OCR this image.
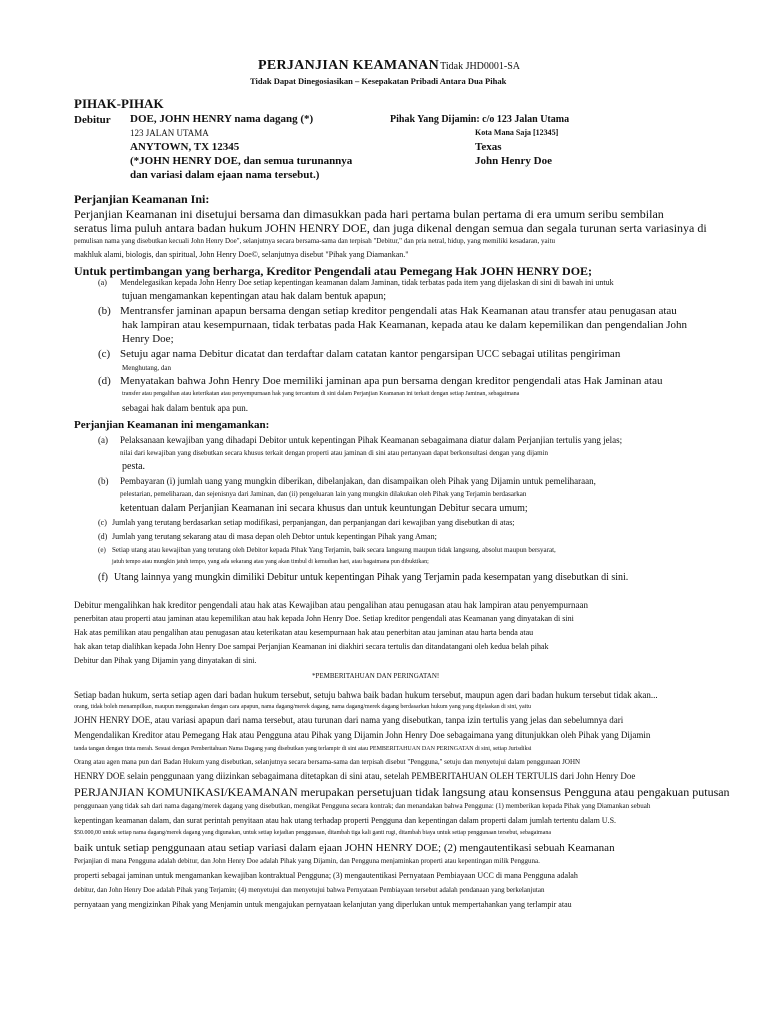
PERJANJIAN KEAMANANTidak JHD0001-SA
Tidak Dapat Dinegosiasikan – Kesepakatan Pribadi Antara Dua Pihak
PIHAK-PIHAK
Debitur DOE, JOHN HENRY nama dagang (*)
123 JALAN UTAMA
ANYTOWN, TX 12345
(*JOHN HENRY DOE, dan semua turunannya
dan variasi dalam ejaan nama tersebut.)
Pihak Yang Dijamin: c/o 123 Jalan Utama
Kota Mana Saja [12345]
Texas
John Henry Doe
Perjanjian Keamanan Ini:
Perjanjian Keamanan ini disetujui bersama dan dimasukkan pada hari pertama bulan pertama di era umum seribu sembilan
seratus lima puluh antara badan hukum JOHN HENRY DOE, dan juga dikenal dengan semua dan segala turunan serta variasinya di
pemulisan nama yang disebutkan kecuali John Henry Doe", selanjutnya secara bersama-sama dan terpisah "Debitur," dan pria netral, hidup, yang memiliki kesadaran, yaitu
makhluk alami, biologis, dan spiritual, John Henry Doe©, selanjutnya disebut "Pihak yang Diamankan."
Untuk pertimbangan yang berharga, Kreditor Pengendali atau Pemegang Hak JOHN HENRY DOE;
(a) Mendelegasikan kepada John Henry Doe setiap kepentingan keamanan dalam Jaminan, tidak terbatas pada item yang dijelaskan di sini di bawah ini untuk
tujuan mengamankan kepentingan atau hak dalam bentuk apapun;
(b) Mentransfer jaminan apapun bersama dengan setiap kreditor pengendali atas Hak Keamanan atau transfer atau penugasan atau
hak lampiran atau kesempurnaan, tidak terbatas pada Hak Keamanan, kepada atau ke dalam kepemilikan dan pengendalian John
Henry Doe;
(c) Setuju agar nama Debitur dicatat dan terdaftar dalam catatan kantor pengarsipan UCC sebagai utilitas pengiriman
Menghutang, dan
(d) Menyatakan bahwa John Henry Doe memiliki jaminan apa pun bersama dengan kreditor pengendali atas Hak Jaminan atau
transfer atau pengalihan atau keterikatan atau penyempurnaan hak yang tercantum di sini dalam Perjanjian Keamanan ini terkait dengan setiap Jaminan, sebagaimana
sebagai hak dalam bentuk apa pun.
Perjanjian Keamanan ini mengamankan:
(a) Pelaksanaan kewajiban yang dihadapi Debitor untuk kepentingan Pihak Keamanan sebagaimana diatur dalam Perjanjian tertulis yang jelas;
nilai dari kewajiban yang disebutkan secara khusus terkait dengan properti atau jaminan di sini atau pertanyaan dapat berkonsultasi dengan yang dijamin
pesta.
(b) Pembayaran (i) jumlah uang yang mungkin diberikan, dibelanjakan, dan disampaikan oleh Pihak yang Dijamin untuk pemeliharaan,
pelestarian, pemeliharaan, dan sejenisnya dari Jaminan, dan (ii) pengeluaran lain yang mungkin dilakukan oleh Pihak yang Terjamin berdasarkan
ketentuan dalam Perjanjian Keamanan ini secara khusus dan untuk keuntungan Debitur secara umum;
(c) Jumlah yang terutang berdasarkan setiap modifikasi, perpanjangan, dan perpanjangan dari kewajiban yang disebutkan di atas;
(d) Jumlah yang terutang sekarang atau di masa depan oleh Debtor untuk kepentingan Pihak yang Aman;
(e) Setiap utang atau kewajiban yang terutang oleh Debitor kepada Pihak Yang Terjamin, baik secara langsung maupun tidak langsung, absolut maupun bersyarat,
jatuh tempo atau mungkin jatuh tempo, yang ada sekarang atau yang akan timbul di kemudian hari, atau bagaimana pun dibuktikan;
(f) Utang lainnya yang mungkin dimiliki Debitur untuk kepentingan Pihak yang Terjamin pada kesempatan yang disebutkan di sini.
Debitur mengalihkan hak kreditor pengendali atau hak atas Kewajiban atau pengalihan atau penugasan atau hak lampiran atau penyempurnaan
penerbitan atau properti atau jaminan atau kepemilikan atau hak kepada John Henry Doe. Setiap kreditor pengendali atas Keamanan yang dinyatakan di sini
Hak atas pemilikan atau pengalihan atau penugasan atau keterikatan atau kesempurnaan hak atau penerbitan atau jaminan atau harta benda atau
hak akan tetap dialihkan kepada John Henry Doe sampai Perjanjian Keamanan ini diakhiri secara tertulis dan ditandatangani oleh kedua belah pihak
Debitur dan Pihak yang Dijamin yang dinyatakan di sini.
*PEMBERITAHUAN DAN PERINGATAN!
Setiap badan hukum, serta setiap agen dari badan hukum tersebut, setuju bahwa baik badan hukum tersebut, maupun agen dari badan hukum tersebut tidak akan...
orang, tidak boleh menampilkan, maupun menggunakan dengan cara apapun, nama dagang/merek dagang, nama dagang/merek dagang berdasarkan hukum yang yang dijelaskan di sini, yaitu
JOHN HENRY DOE, atau variasi apapun dari nama tersebut, atau turunan dari nama yang disebutkan, tanpa izin tertulis yang jelas dan sebelumnya dari
Mengendalikan Kreditor atau Pemegang Hak atau Pengguna atau Pihak yang Dijamin John Henry Doe sebagaimana yang ditunjukkan oleh Pihak yang Dijamin
tanda tangan dengan tinta merah. Sesuai dengan Pemberitahuan Nama Dagang yang disebutkan yang terlampir di sini atau PEMBERITAHUAN DAN PERINGATAN di sini, setiap Jurisdiksi
Orang atau agen mana pun dari Badan Hukum yang disebutkan, selanjutnya secara bersama-sama dan terpisah disebut "Pengguna," setuju dan menyetujui dalam penggunaan JOHN
HENRY DOE selain penggunaan yang diizinkan sebagaimana ditetapkan di sini atau, setelah PEMBERITAHUAN OLEH TERTULIS dari John Henry Doe
PERJANJIAN KOMUNIKASI/KEAMANAN merupakan persetujuan tidak langsung atau konsensus Pengguna atau pengakuan putusan
penggunaan yang tidak sah dari nama dagang/merek dagang yang disebutkan, mengikat Pengguna secara kontrak; dan menandakan bahwa Pengguna: (1) memberikan kepada Pihak yang Diamankan sebuah
kepentingan keamanan dalam, dan surat perintah penyitaan atau hak utang terhadap properti Pengguna dan kepentingan dalam properti dalam jumlah tertentu dalam U.S.
$50.000,00 untuk setiap nama dagang/merek dagang yang digunakan, untuk setiap kejadian penggunaan, ditambah tiga kali ganti rugi, ditambah biaya untuk setiap penggunaan tersebut, sebagaimana
baik untuk setiap penggunaan atau setiap variasi dalam ejaan JOHN HENRY DOE; (2) mengautentikasi sebuah Keamanan
Perjanjian di mana Pengguna adalah debitur, dan John Henry Doe adalah Pihak yang Dijamin, dan Pengguna menjaminkan properti atau kepentingan milik Pengguna.
properti sebagai jaminan untuk mengamankan kewajiban kontraktual Pengguna; (3) mengautentikasi Pernyataan Pembiayaan UCC di mana Pengguna adalah
debitur, dan John Henry Doe adalah Pihak yang Terjamin; (4) menyetujui dan menyetujui bahwa Pernyataan Pembiayaan tersebut adalah pendanaan yang berkelanjutan
pernyataan yang mengizinkan Pihak yang Menjamin untuk mengajukan pernyataan kelanjutan yang diperlukan untuk mempertahankan yang terlampir atau
